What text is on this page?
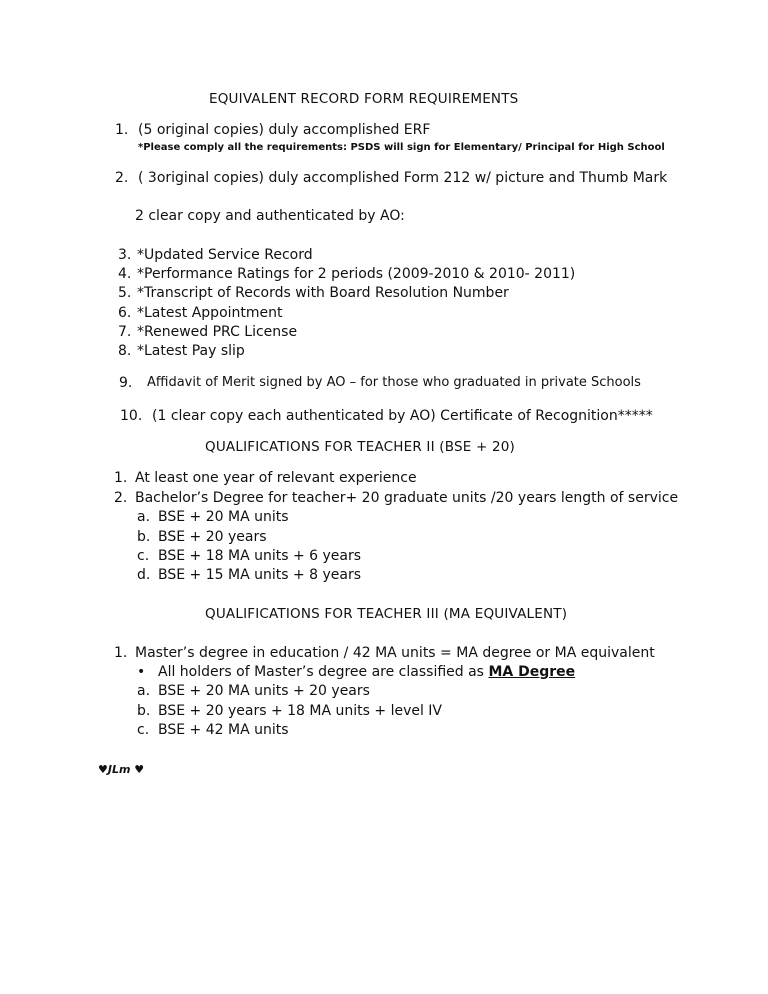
EQUIVALENT RECORD FORM REQUIREMENTS
1. (5 original copies) duly accomplished ERF
*Please comply all the requirements: PSDS will sign for Elementary/ Principal for High School
2. ( 3original copies) duly accomplished Form 212 w/ picture and Thumb Mark
2 clear copy and authenticated by AO:
3. *Updated Service Record
4. *Performance Ratings for 2 periods (2009-2010 & 2010- 2011)
5. *Transcript of Records with Board Resolution Number
6. *Latest Appointment
7. *Renewed PRC License
8. *Latest Pay slip
9. Affidavit of Merit signed by AO – for those who graduated in private Schools
10. (1 clear copy each authenticated by AO) Certificate of Recognition*****
QUALIFICATIONS FOR TEACHER II (BSE + 20)
1. At least one year of relevant experience
2. Bachelor’s Degree for teacher+ 20 graduate units /20 years length of service
a. BSE + 20 MA units
b. BSE + 20 years
c. BSE + 18 MA units + 6 years
d. BSE + 15 MA units + 8 years
QUALIFICATIONS FOR TEACHER III (MA EQUIVALENT)
1. Master’s degree in education / 42 MA units = MA degree or MA equivalent
• All holders of Master’s degree are classified as MA Degree
a. BSE + 20 MA units + 20 years
b. BSE + 20 years + 18 MA units + level IV
c. BSE + 42 MA units
♥JLm ♥
